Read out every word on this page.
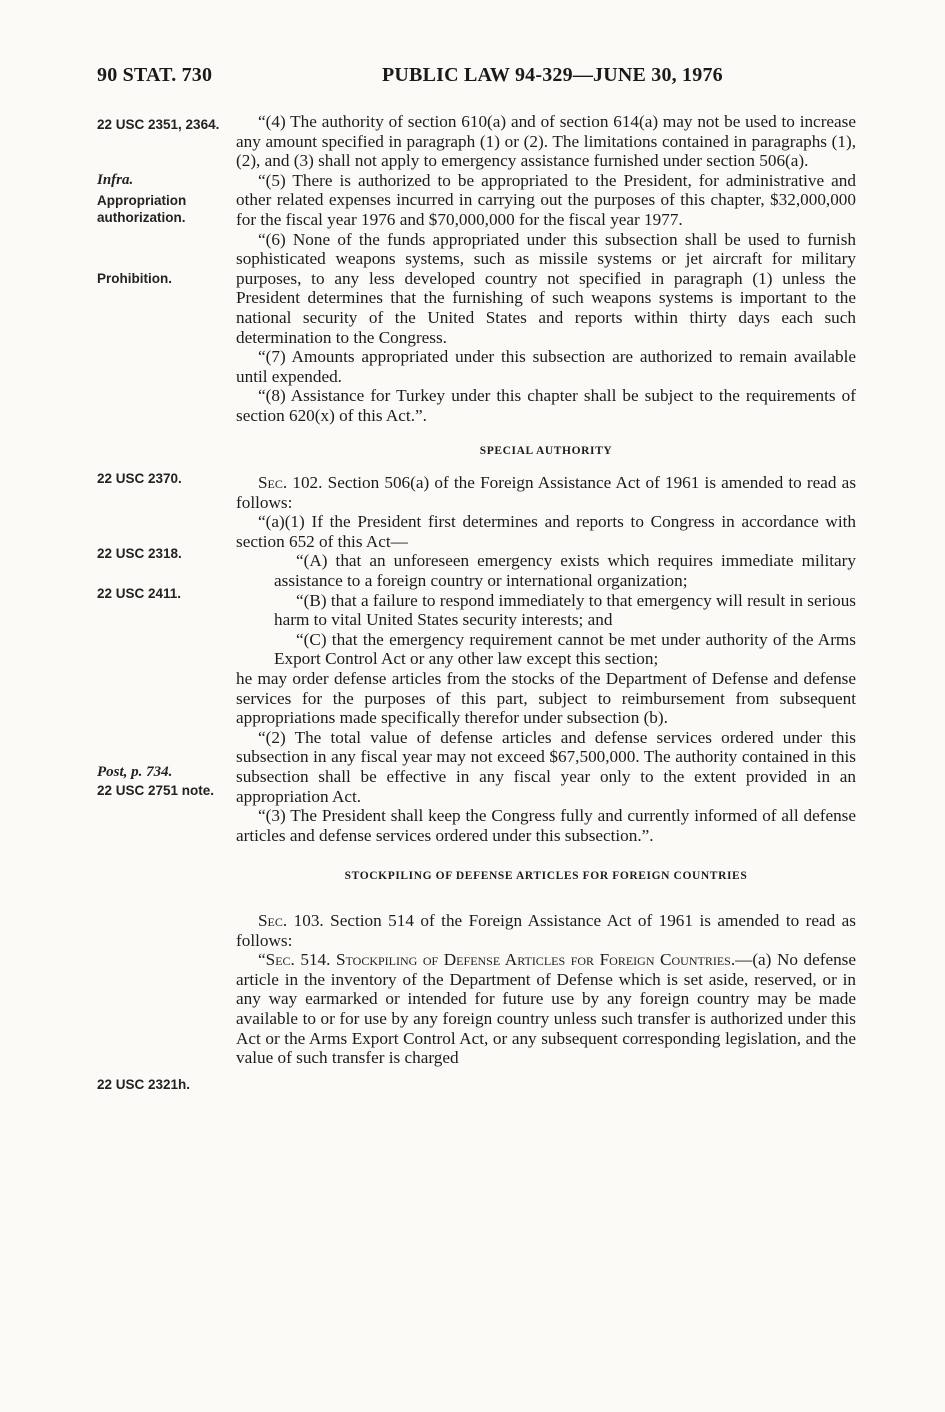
90 STAT. 730	PUBLIC LAW 94-329—JUNE 30, 1976
22 USC 2351, 2364.
Infra.
Appropriation authorization.
Prohibition.
22 USC 2370.
22 USC 2318.
22 USC 2411.
Post, p. 734.
22 USC 2751 note.
22 USC 2321h.

“(4) The authority of section 610(a) and of section 614(a) may not be used to increase any amount specified in paragraph (1) or (2). The limitations contained in paragraphs (1), (2), and (3) shall not apply to emergency assistance furnished under section 506(a).

“(5) There is authorized to be appropriated to the President, for administrative and other related expenses incurred in carrying out the purposes of this chapter, $32,000,000 for the fiscal year 1976 and $70,000,000 for the fiscal year 1977.

“(6) None of the funds appropriated under this subsection shall be used to furnish sophisticated weapons systems, such as missile systems or jet aircraft for military purposes, to any less developed country not specified in paragraph (1) unless the President determines that the furnishing of such weapons systems is important to the national security of the United States and reports within thirty days each such determination to the Congress.

“(7) Amounts appropriated under this subsection are authorized to remain available until expended.

“(8) Assistance for Turkey under this chapter shall be subject to the requirements of section 620(x) of this Act.”.

SPECIAL AUTHORITY

Sec. 102. Section 506(a) of the Foreign Assistance Act of 1961 is amended to read as follows:

“(a)(1) If the President first determines and reports to Congress in accordance with section 652 of this Act—

“(A) that an unforeseen emergency exists which requires immediate military assistance to a foreign country or international organization;

“(B) that a failure to respond immediately to that emergency will result in serious harm to vital United States security interests; and

“(C) that the emergency requirement cannot be met under authority of the Arms Export Control Act or any other law except this section;

he may order defense articles from the stocks of the Department of Defense and defense services for the purposes of this part, subject to reimbursement from subsequent appropriations made specifically therefor under subsection (b).

“(2) The total value of defense articles and defense services ordered under this subsection in any fiscal year may not exceed $67,500,000. The authority contained in this subsection shall be effective in any fiscal year only to the extent provided in an appropriation Act.

“(3) The President shall keep the Congress fully and currently informed of all defense articles and defense services ordered under this subsection.”.

STOCKPILING OF DEFENSE ARTICLES FOR FOREIGN COUNTRIES

Sec. 103. Section 514 of the Foreign Assistance Act of 1961 is amended to read as follows:

“Sec. 514. Stockpiling of Defense Articles for Foreign Countries.—(a) No defense article in the inventory of the Department of Defense which is set aside, reserved, or in any way earmarked or intended for future use by any foreign country may be made available to or for use by any foreign country unless such transfer is authorized under this Act or the Arms Export Control Act, or any subsequent corresponding legislation, and the value of such transfer is charged
